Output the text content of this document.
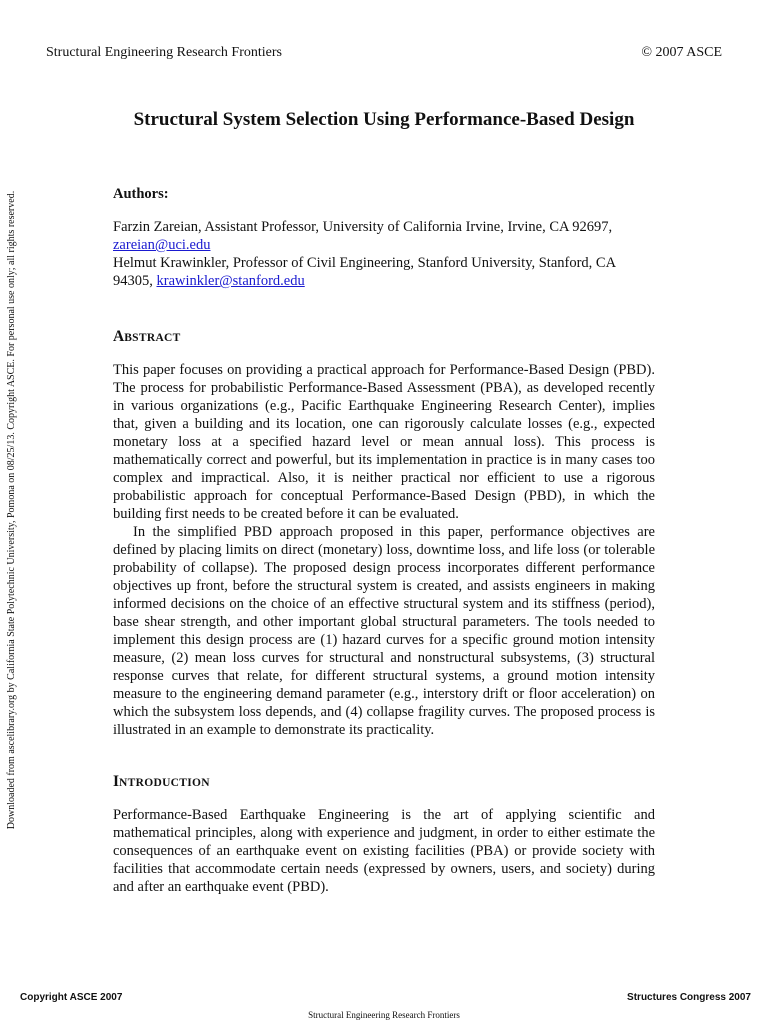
Structural Engineering Research Frontiers	© 2007 ASCE
Structural System Selection Using Performance-Based Design
Authors:
Farzin Zareian, Assistant Professor, University of California Irvine, Irvine, CA 92697,
zareian@uci.edu
Helmut Krawinkler, Professor of Civil Engineering, Stanford University, Stanford, CA
94305, krawinkler@stanford.edu
ABSTRACT

This paper focuses on providing a practical approach for Performance-Based Design (PBD). The process for probabilistic Performance-Based Assessment (PBA), as developed recently in various organizations (e.g., Pacific Earthquake Engineering Research Center), implies that, given a building and its location, one can rigorously calculate losses (e.g., expected monetary loss at a specified hazard level or mean annual loss). This process is mathematically correct and powerful, but its implementation in practice is in many cases too complex and impractical. Also, it is neither practical nor efficient to use a rigorous probabilistic approach for conceptual Performance-Based Design (PBD), in which the building first needs to be created before it can be evaluated.

In the simplified PBD approach proposed in this paper, performance objectives are defined by placing limits on direct (monetary) loss, downtime loss, and life loss (or tolerable probability of collapse). The proposed design process incorporates different performance objectives up front, before the structural system is created, and assists engineers in making informed decisions on the choice of an effective structural system and its stiffness (period), base shear strength, and other important global structural parameters. The tools needed to implement this design process are (1) hazard curves for a specific ground motion intensity measure, (2) mean loss curves for structural and nonstructural subsystems, (3) structural response curves that relate, for different structural systems, a ground motion intensity measure to the engineering demand parameter (e.g., interstory drift or floor acceleration) on which the subsystem loss depends, and (4) collapse fragility curves. The proposed process is illustrated in an example to demonstrate its practicality.

INTRODUCTION

Performance-Based Earthquake Engineering is the art of applying scientific and mathematical principles, along with experience and judgment, in order to either estimate the consequences of an earthquake event on existing facilities (PBA) or provide society with facilities that accommodate certain needs (expressed by owners, users, and society) during and after an earthquake event (PBD).

Downloaded from ascelibrary.org by California State Polytechnic University, Pomona on 08/25/13. Copyright ASCE. For personal use only; all rights reserved.
Copyright ASCE 2007	Structures Congress 2007
Structural Engineering Research Frontiers
